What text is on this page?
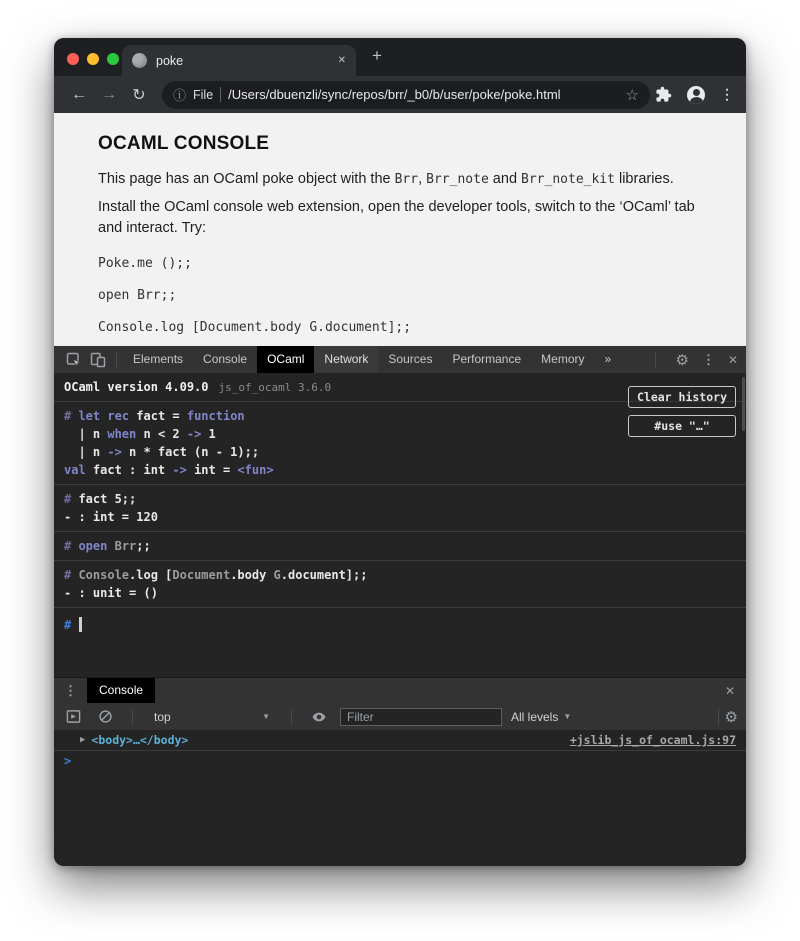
poke	✕ +
← → ↻	ⓘ File /Users/dbuenzli/sync/repos/brr/_b0/b/user/poke/poke.html	☆	⋮
OCAML CONSOLE

This page has an OCaml poke object with the Brr, Brr_note and Brr_note_kit libraries.

Install the OCaml console web extension, open the developer tools, switch to the ‘OCaml’ tab and interact. Try:

Poke.me ();;

open Brr;;

Console.log [Document.body G.document];;

Elements	Console	OCaml	Network	Sources	Performance	Memory	»	⚙ ⋮ ✕
OCaml version 4.09.0 js_of_ocaml 3.6.0
# let rec fact = function
| n when n < 2 -> 1
| n -> n * fact (n - 1);;
val fact : int -> int = <fun>
# fact 5;;
- : int = 120
# open Brr;;
# Console.log [Document.body G.document];;
- : unit = ()
#
Clear history
#use "…"
⋮	Console	✕
top	▼
Filter	All levels ▼	⚙
▶ <body>…</body>	+jslib_js_of_ocaml.js:97
>
